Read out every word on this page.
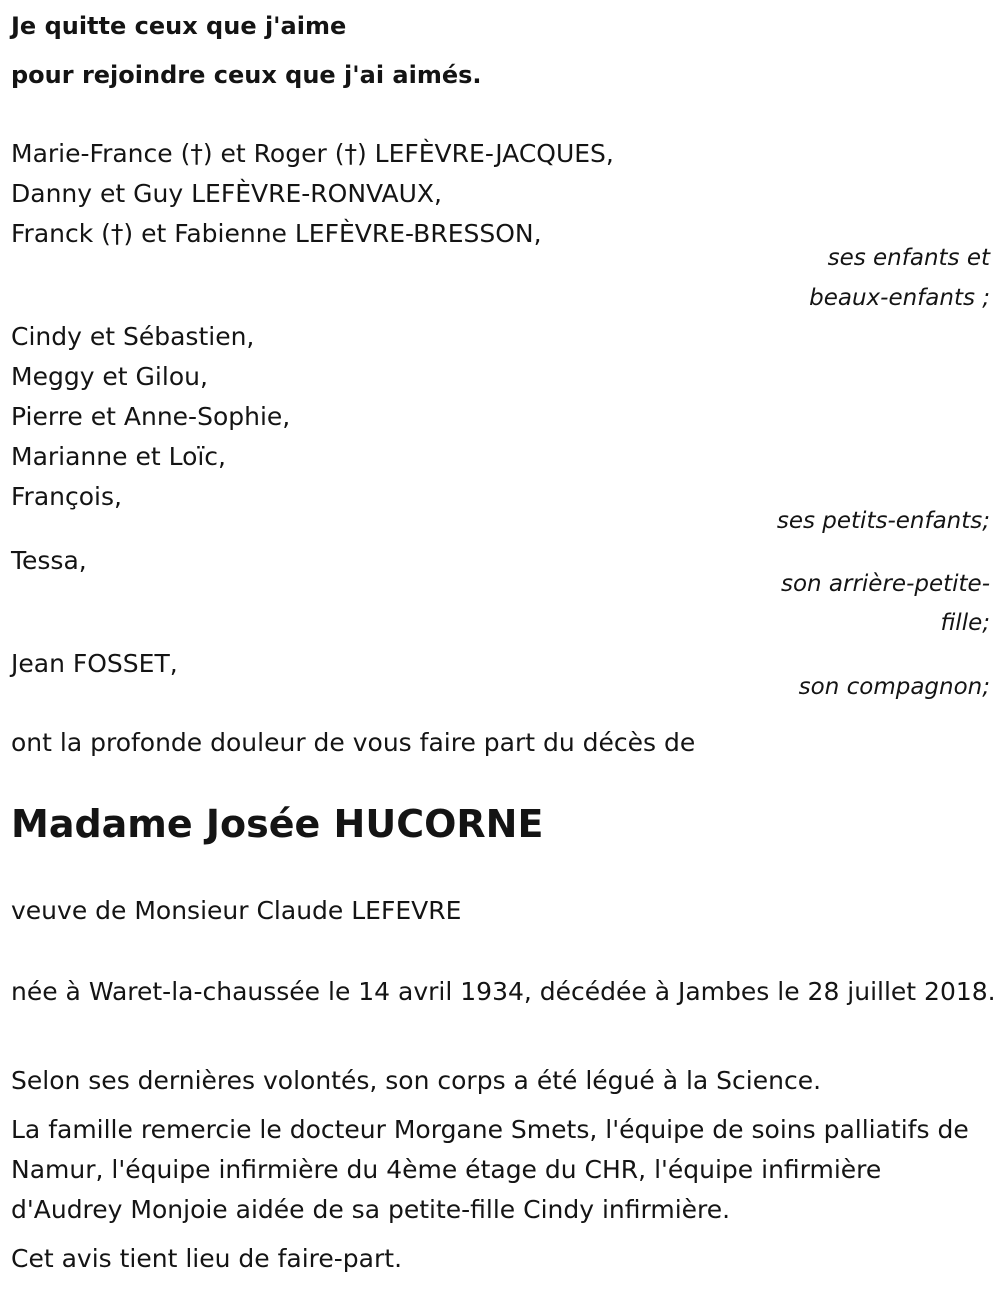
Je quitte ceux que j'aime
pour rejoindre ceux que j'ai aimés.
Marie-France (†) et Roger (†) LEFÈVRE-JACQUES,
Danny et Guy LEFÈVRE-RONVAUX,
Franck (†) et Fabienne LEFÈVRE-BRESSON,
ses enfants et
beaux-enfants ;
Cindy et Sébastien,
Meggy et Gilou,
Pierre et Anne-Sophie,
Marianne et Loïc,
François,
ses petits-enfants;
Tessa,
son arrière-petite-
fille;
Jean FOSSET,
son compagnon;
ont la profonde douleur de vous faire part du décès de
Madame Josée HUCORNE
veuve de Monsieur Claude LEFEVRE
née à Waret-la-chaussée le 14 avril 1934, décédée à Jambes le 28 juillet 2018.
Selon ses dernières volontés, son corps a été légué à la Science.
La famille remercie le docteur Morgane Smets, l'équipe de soins palliatifs de Namur, l'équipe infirmière du 4ème étage du CHR, l'équipe infirmière d'Audrey Monjoie aidée de sa petite-fille Cindy infirmière.
Cet avis tient lieu de faire-part.
